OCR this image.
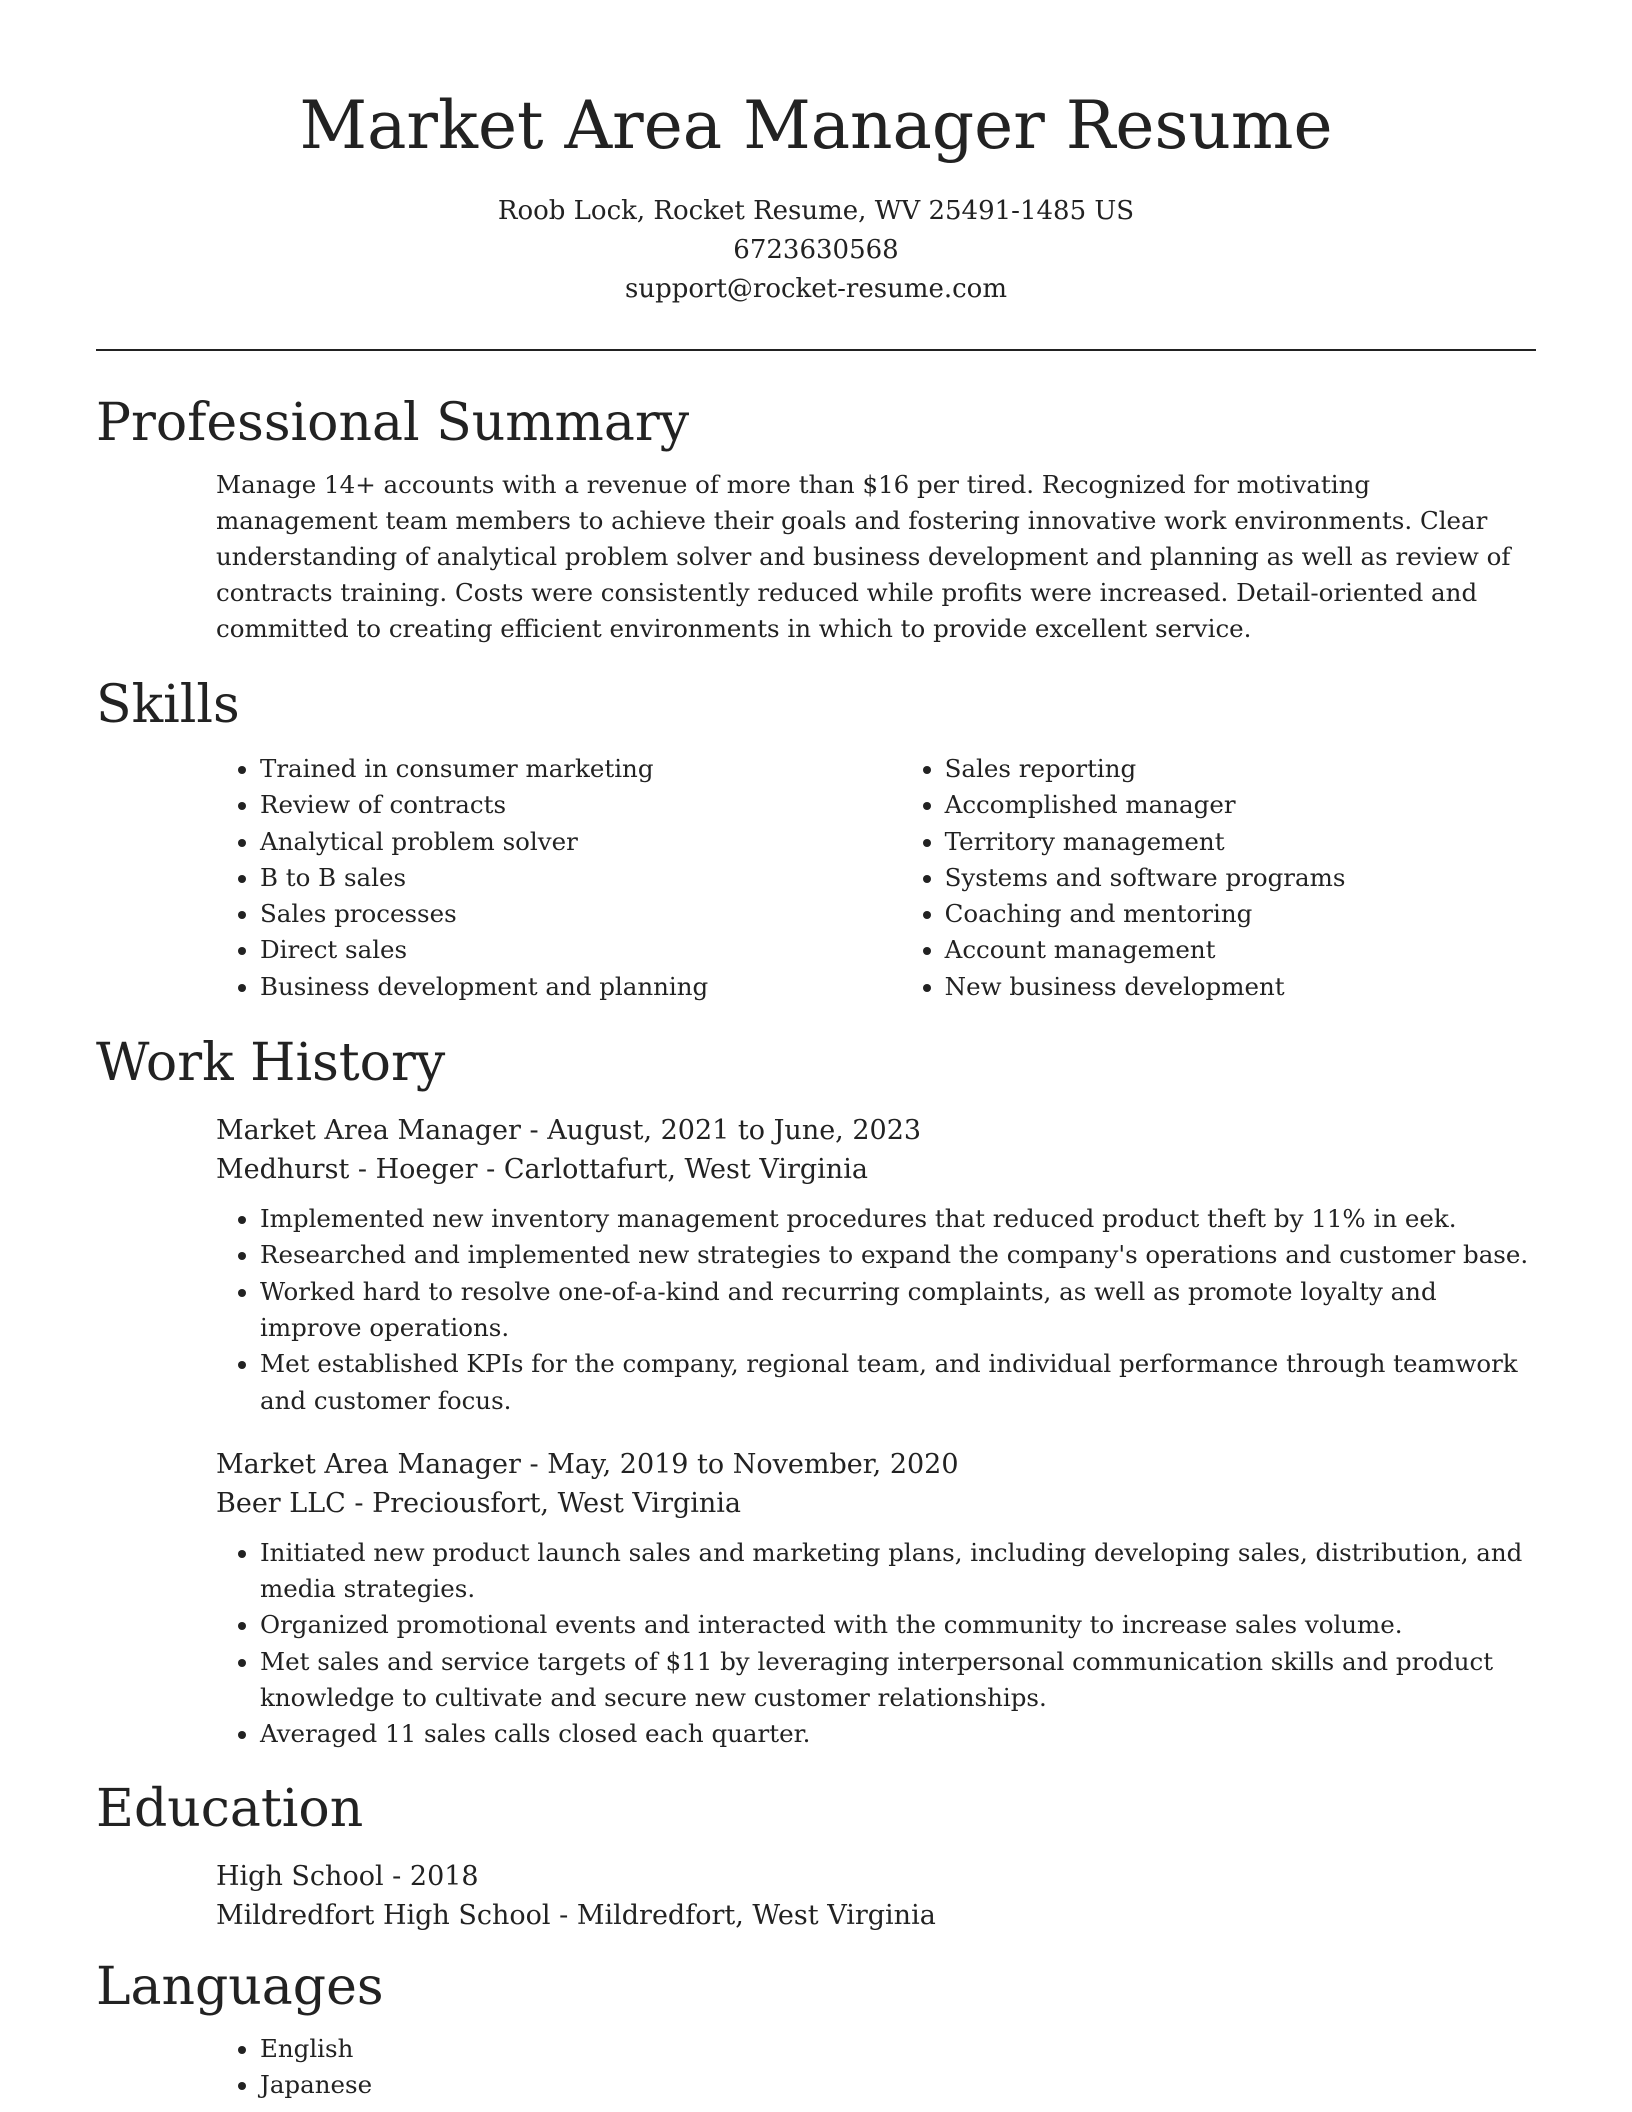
Market Area Manager Resume
Roob Lock, Rocket Resume, WV 25491-1485 US
6723630568
support@rocket-resume.com
Professional Summary

Manage 14+ accounts with a revenue of more than $16 per tired. Recognized for motivating management team members to achieve their goals and fostering innovative work environments. Clear understanding of analytical problem solver and business development and planning as well as review of contracts training. Costs were consistently reduced while profits were increased. Detail-oriented and committed to creating efficient environments in which to provide excellent service.

Skills
• Trained in consumer marketing
• Review of contracts
• Analytical problem solver
• B to B sales
• Sales processes
• Direct sales
• Business development and planning
• Sales reporting
• Accomplished manager
• Territory management
• Systems and software programs
• Coaching and mentoring
• Account management
• New business development
Work History
Market Area Manager - August, 2021 to June, 2023
Medhurst - Hoeger - Carlottafurt, West Virginia
• Implemented new inventory management procedures that reduced product theft by 11% in eek.
• Researched and implemented new strategies to expand the company's operations and customer base.
• Worked hard to resolve one-of-a-kind and recurring complaints, as well as promote loyalty and improve operations.
• Met established KPIs for the company, regional team, and individual performance through teamwork and customer focus.
Market Area Manager - May, 2019 to November, 2020
Beer LLC - Preciousfort, West Virginia
• Initiated new product launch sales and marketing plans, including developing sales, distribution, and media strategies.
• Organized promotional events and interacted with the community to increase sales volume.
• Met sales and service targets of $11 by leveraging interpersonal communication skills and product knowledge to cultivate and secure new customer relationships.
• Averaged 11 sales calls closed each quarter.
Education
High School - 2018
Mildredfort High School - Mildredfort, West Virginia
Languages
• English
• Japanese
